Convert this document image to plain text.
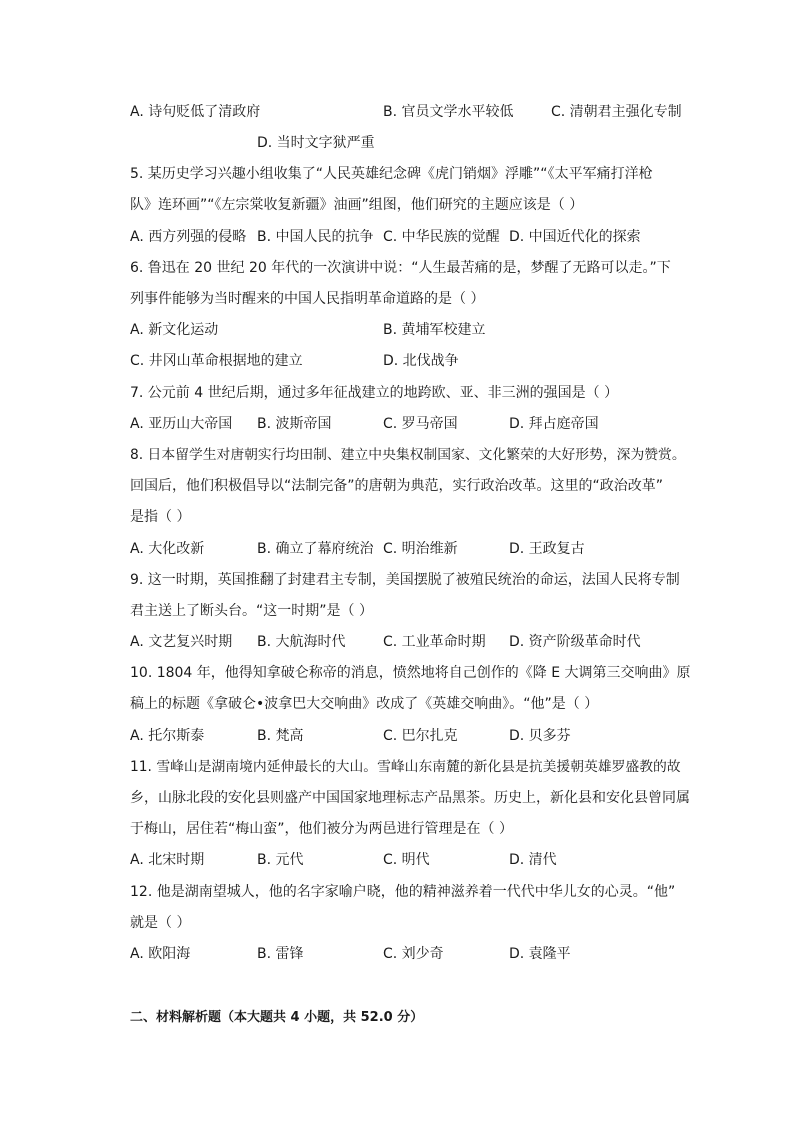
A. 诗句贬低了清政府	B. 官员文学水平较低	C. 清朝君主强化专制
D. 当时文字狱严重
5. 某历史学习兴趣小组收集了“人民英雄纪念碑《虎门销烟》浮雕”“《太平军痛打洋枪
队》连环画”“《左宗棠收复新疆》油画”组图，他们研究的主题应该是（ ）
A. 西方列强的侵略 B. 中国人民的抗争 C. 中华民族的觉醒 D. 中国近代化的探索
6. 鲁迅在 20 世纪 20 年代的一次演讲中说：“人生最苦痛的是，梦醒了无路可以走。”下
列事件能够为当时醒来的中国人民指明革命道路的是（ ）
A. 新文化运动	B. 黄埔军校建立
C. 井冈山革命根据地的建立	D. 北伐战争
7. 公元前 4 世纪后期，通过多年征战建立的地跨欧、亚、非三洲的强国是（ ）
A. 亚历山大帝国 B. 波斯帝国	C. 罗马帝国	D. 拜占庭帝国
8. 日本留学生对唐朝实行均田制、建立中央集权制国家、文化繁荣的大好形势，深为赞赏。
回国后，他们积极倡导以“法制完备”的唐朝为典范，实行政治改革。这里的“政治改革”
是指（ ）
A. 大化改新	B. 确立了幕府统治 C. 明治维新	D. 王政复古
9. 这一时期，英国推翻了封建君主专制，美国摆脱了被殖民统治的命运，法国人民将专制
君主送上了断头台。“这一时期”是（ ）
A. 文艺复兴时期 B. 大航海时代	C. 工业革命时期 D. 资产阶级革命时代
10. 1804 年，他得知拿破仑称帝的消息，愤然地将自己创作的《降 E 大调第三交响曲》原
稿上的标题《拿破仑•波拿巴大交响曲》改成了《英雄交响曲》。“他”是（ ）
A. 托尔斯泰	B. 梵高	C. 巴尔扎克	D. 贝多芬
11. 雪峰山是湖南境内延伸最长的大山。雪峰山东南麓的新化县是抗美援朝英雄罗盛教的故
乡，山脉北段的安化县则盛产中国国家地理标志产品黑茶。历史上，新化县和安化县曾同属
于梅山，居住若“梅山蛮”，他们被分为两邑进行管理是在（ ）
A. 北宋时期	B. 元代	C. 明代	D. 清代
12. 他是湖南望城人，他的名字家喻户晓，他的精神滋养着一代代中华儿女的心灵。“他”
就是（ ）
A. 欧阳海	B. 雷锋	C. 刘少奇	D. 袁隆平
二、材料解析题（本大题共 4 小题，共 52.0 分）
